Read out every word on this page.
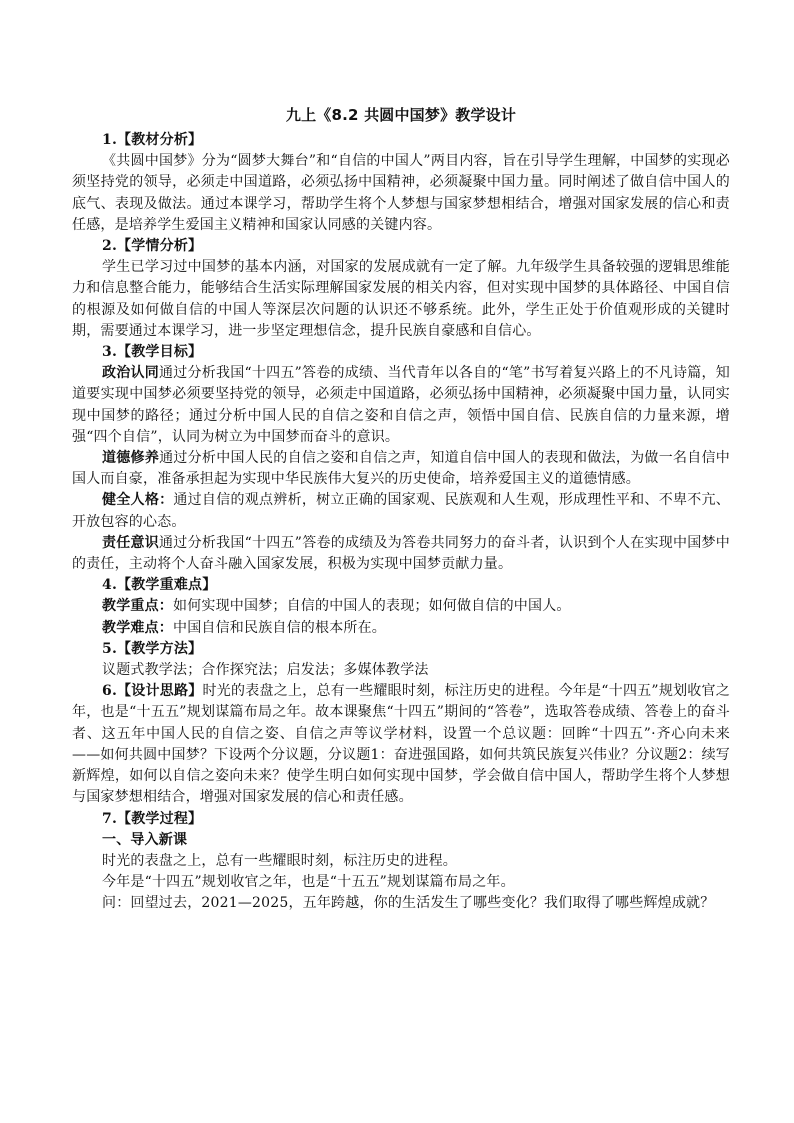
九上《8.2 共圆中国梦》教学设计
1.【教材分析】

《共圆中国梦》分为“圆梦大舞台”和“自信的中国人”两目内容，旨在引导学生理解，中国梦的实现必须坚持党的领导，必须走中国道路，必须弘扬中国精神，必须凝聚中国力量。同时阐述了做自信中国人的底气、表现及做法。通过本课学习，帮助学生将个人梦想与国家梦想相结合，增强对国家发展的信心和责任感，是培养学生爱国主义精神和国家认同感的关键内容。

2.【学情分析】

学生已学习过中国梦的基本内涵，对国家的发展成就有一定了解。九年级学生具备较强的逻辑思维能力和信息整合能力，能够结合生活实际理解国家发展的相关内容，但对实现中国梦的具体路径、中国自信的根源及如何做自信的中国人等深层次问题的认识还不够系统。此外，学生正处于价值观形成的关键时期，需要通过本课学习，进一步坚定理想信念，提升民族自豪感和自信心。

3.【教学目标】

政治认同通过分析我国“十四五”答卷的成绩、当代青年以各自的“笔”书写着复兴路上的不凡诗篇，知道要实现中国梦必须要坚持党的领导，必须走中国道路，必须弘扬中国精神，必须凝聚中国力量，认同实现中国梦的路径；通过分析中国人民的自信之姿和自信之声，领悟中国自信、民族自信的力量来源，增强“四个自信”，认同为树立为中国梦而奋斗的意识。

道德修养通过分析中国人民的自信之姿和自信之声，知道自信中国人的表现和做法，为做一名自信中国人而自豪，准备承担起为实现中华民族伟大复兴的历史使命，培养爱国主义的道德情感。

健全人格：通过自信的观点辨析，树立正确的国家观、民族观和人生观，形成理性平和、不卑不亢、开放包容的心态。

责任意识通过分析我国“十四五”答卷的成绩及为答卷共同努力的奋斗者，认识到个人在实现中国梦中的责任，主动将个人奋斗融入国家发展，积极为实现中国梦贡献力量。

4.【教学重难点】

教学重点：如何实现中国梦；自信的中国人的表现；如何做自信的中国人。

教学难点：中国自信和民族自信的根本所在。

5.【教学方法】

议题式教学法；合作探究法；启发法；多媒体教学法

6.【设计思路】时光的表盘之上，总有一些耀眼时刻，标注历史的进程。今年是“十四五”规划收官之年，也是“十五五”规划谋篇布局之年。故本课聚焦“十四五”期间的“答卷”，选取答卷成绩、答卷上的奋斗者、这五年中国人民的自信之姿、自信之声等议学材料，设置一个总议题：回眸“十四五”·齐心向未来——如何共圆中国梦？下设两个分议题，分议题1：奋进强国路，如何共筑民族复兴伟业？分议题2：续写新辉煌，如何以自信之姿向未来？使学生明白如何实现中国梦，学会做自信中国人，帮助学生将个人梦想与国家梦想相结合，增强对国家发展的信心和责任感。

7.【教学过程】
一、导入新课

时光的表盘之上，总有一些耀眼时刻，标注历史的进程。

今年是“十四五”规划收官之年，也是“十五五”规划谋篇布局之年。

问：回望过去，2021—2025，五年跨越，你的生活发生了哪些变化？我们取得了哪些辉煌成就？
